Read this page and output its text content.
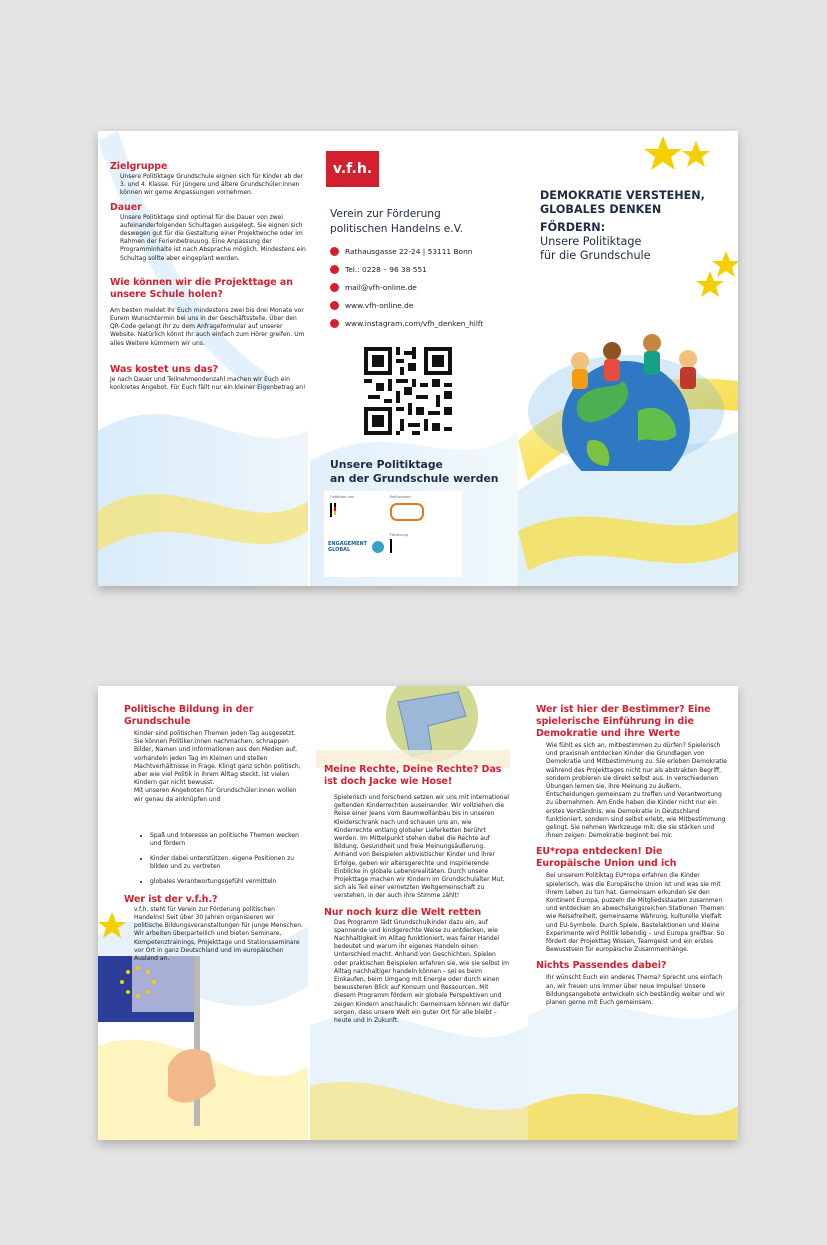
Zielgruppe

Unsere Politiktage Grundschule eignen sich für Kinder ab der 3. und 4. Klasse. Für jüngere und ältere Grundschüler:innen können wir gerne Anpassungen vornehmen.

Dauer

Unsere Politiktage sind optimal für die Dauer von zwei aufeinanderfolgenden Schultagen ausgelegt. Sie eignen sich deswegen gut für die Gestaltung einer Projektwoche oder im Rahmen der Ferienbetreuung. Eine Anpassung der Programminhalte ist nach Absprache möglich. Mindestens ein Schultag sollte aber eingeplant werden.

Wie können wir die Projekttage an unsere Schule holen?

Am besten meldet Ihr Euch mindestens zwei bis drei Monate vor Eurem Wunschtermin bei uns in der Geschäftsstelle. Über den QR-Code gelangt Ihr zu dem Anfrageformular auf unserer Website. Natürlich könnt Ihr auch einfach zum Hörer greifen. Um alles Weitere kümmern wir uns.

Was kostet uns das?

Je nach Dauer und Teilnehmendenzahl machen wir Euch ein konkretes Angebot. Für Euch fällt nur ein kleiner Eigenbetrag an!

v.f.h.
Verein zur Förderung
politischen Handelns e.V.
Rathausgasse 22-24 | 53111 Bonn
Tel.: 0228 – 96 38 551
mail@vfh-online.de
www.vfh-online.de
www.instagram.com/vfh_denken_hilft
Unsere Politiktage
an der Grundschule werden
Gefördert von	Kofinanziert
ENGAGEMENT
GLOBAL
Förderung
DEMOKRATIE VERSTEHEN,
GLOBALES DENKEN
FÖRDERN:
Unsere Politiktage
für die Grundschule
Politische Bildung in der Grundschule

Kinder sind politischen Themen jeden Tag ausgesetzt. Sie können Politiker:innen nachmachen, schnappen Bilder, Namen und Informationen aus den Medien auf, vorhandeln jeden Tag im Kleinen und stellen Machtverhältnisse in Frage. Klingt ganz schön politisch, aber wie viel Politik in ihrem Alltag steckt, ist vielen Kindern gar nicht bewusst.

Mit unseren Angeboten für Grundschüler:innen wollen wir genau da anknüpfen und

• Spaß und Interesse an politische Themen wecken und fördern
• Kinder dabei unterstützen, eigene Positionen zu bilden und zu vertreten
• globales Verantwortungsgefühl vermitteln
Wer ist der v.f.h.?

v.f.h. steht für Verein zur Förderung politischen Handelns! Seit über 30 Jahren organisieren wir politische Bildungsveranstaltungen für junge Menschen. Wir arbeiten überparteilich und bieten Seminare, Kompetenztrainings, Projekttage und Stationsseminare vor Ort in ganz Deutschland und im europäischen Ausland an.

Meine Rechte, Deine Rechte? Das ist doch Jacke wie Hose!

Spielerisch und forschend setzen wir uns mit international geltenden Kinderrechten auseinander. Wir vollziehen die Reise einer Jeans vom Baumwollanbau bis in unseren Kleiderschrank nach und schauen uns an, wie Kinderrechte entlang globaler Lieferketten berührt werden. Im Mittelpunkt stehen dabei die Rechte auf Bildung, Gesundheit und freie Meinungsäußerung. Anhand von Beispielen aktivistischer Kinder und ihrer Erfolge, geben wir altersgerechte und inspirierende Einblicke in globale Lebensrealitäten. Durch unsere Projekttage machen wir Kindern im Grundschulalter Mut, sich als Teil einer vernetzten Weltgemeinschaft zu verstehen, in der auch ihre Stimme zählt!

Nur noch kurz die Welt retten

Das Programm lädt Grundschulkinder dazu ein, auf spannende und kindgerechte Weise zu entdecken, wie Nachhaltigkeit im Alltag funktioniert, was fairer Handel bedeutet und warum ihr eigenes Handeln einen Unterschied macht. Anhand von Geschichten, Spielen oder praktischen Beispielen erfahren sie, wie sie selbst im Alltag nachhaltiger handeln können – sei es beim Einkaufen, beim Umgang mit Energie oder durch einen bewussteren Blick auf Konsum und Ressourcen. Mit diesem Programm fördern wir globale Perspektiven und zeigen Kindern anschaulich: Gemeinsam können wir dafür sorgen, dass unsere Welt ein guter Ort für alle bleibt – heute und in Zukunft.

Wer ist hier der Bestimmer? Eine spielerische Einführung in die Demokratie und ihre Werte

Wie fühlt es sich an, mitbestimmen zu dürfen? Spielerisch und praxisnah entdecken Kinder die Grundlagen von Demokratie und Mitbestimmung zu. Sie erleben Demokratie während des Projekttages nicht nur als abstrakten Begriff, sondern probieren sie direkt selbst aus. In verschiedenen Übungen lernen sie, ihre Meinung zu äußern, Entscheidungen gemeinsam zu treffen und Verantwortung zu übernehmen. Am Ende haben die Kinder nicht nur ein erstes Verständnis, wie Demokratie in Deutschland funktioniert, sondern sind selbst erlebt, wie Mitbestimmung gelingt. Sie nehmen Werkzeuge mit, die sie stärken und ihnen zeigen: Demokratie beginnt bei mir.

EU*ropa entdecken! Die Europäische Union und ich

Bei unserem Politiktag EU*ropa erfahren die Kinder spielerisch, was die Europäische Union ist und was sie mit ihrem Leben zu tun hat. Gemeinsam erkunden sie den Kontinent Europa, puzzeln die Mitgliedsstaaten zusammen und entdecken an abwechslungsreichen Stationen Themen wie Reisefreiheit, gemeinsame Währung, kulturelle Vielfalt und EU-Symbole. Durch Spiele, Bastelaktionen und kleine Experimente wird Politik lebendig – und Europa greifbar. So fördert der Projekttag Wissen, Teamgeist und ein erstes Bewusstsein für europäische Zusammenhänge.

Nichts Passendes dabei?

Ihr wünscht Euch ein anderes Thema? Sprecht uns einfach an, wir freuen uns immer über neue Impulse! Unsere Bildungsangebote entwickeln sich beständig weiter und wir planen gerne mit Euch gemeinsam.
